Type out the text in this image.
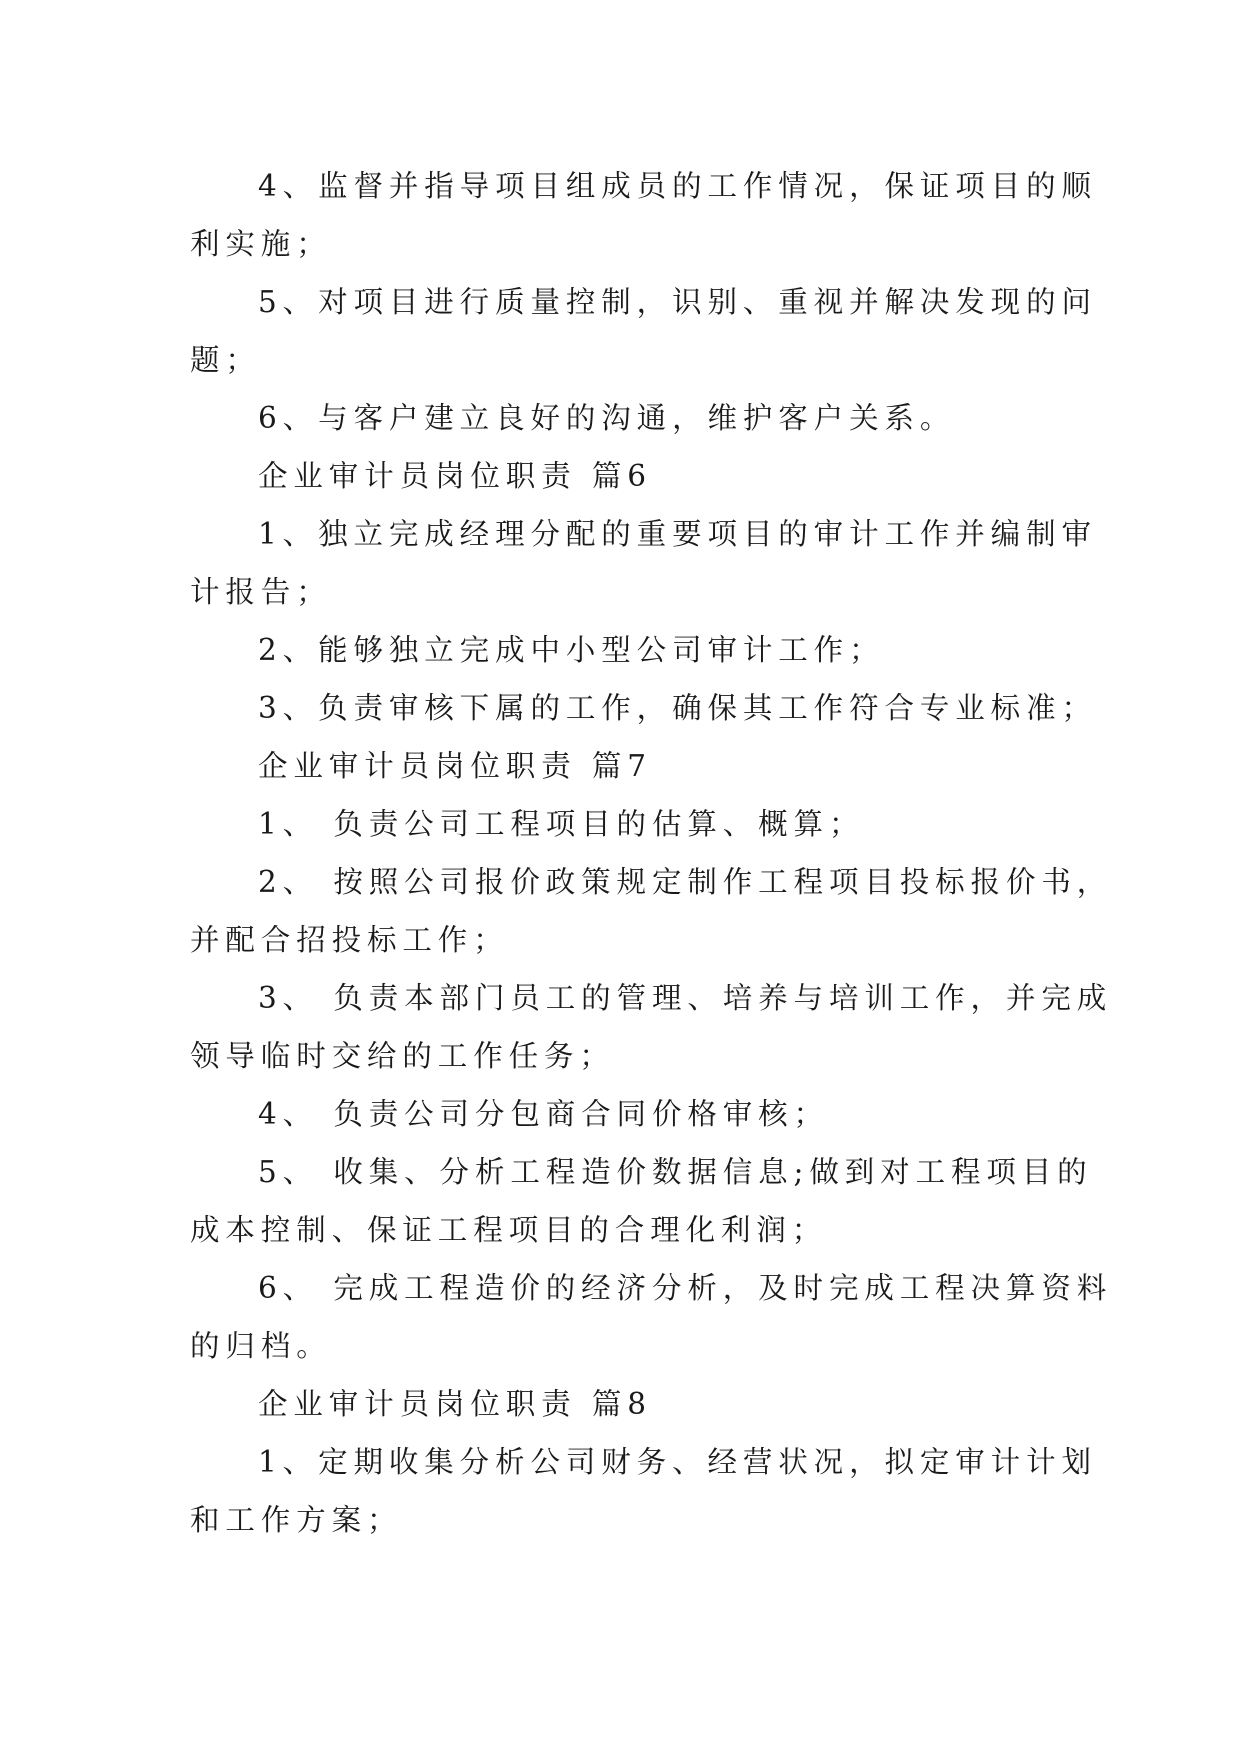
4、监督并指导项目组成员的工作情况，保证项目的顺
利实施；
5、对项目进行质量控制，识别、重视并解决发现的问
题；
6、与客户建立良好的沟通，维护客户关系。
企业审计员岗位职责 篇6
1、独立完成经理分配的重要项目的审计工作并编制审
计报告；
2、能够独立完成中小型公司审计工作；
3、负责审核下属的工作，确保其工作符合专业标准；
企业审计员岗位职责 篇7
1、 负责公司工程项目的估算、概算；
2、 按照公司报价政策规定制作工程项目投标报价书，
并配合招投标工作；
3、 负责本部门员工的管理、培养与培训工作，并完成
领导临时交给的工作任务；
4、 负责公司分包商合同价格审核；
5、 收集、分析工程造价数据信息;做到对工程项目的
成本控制、保证工程项目的合理化利润；
6、 完成工程造价的经济分析，及时完成工程决算资料
的归档。
企业审计员岗位职责 篇8
1、定期收集分析公司财务、经营状况，拟定审计计划
和工作方案；
